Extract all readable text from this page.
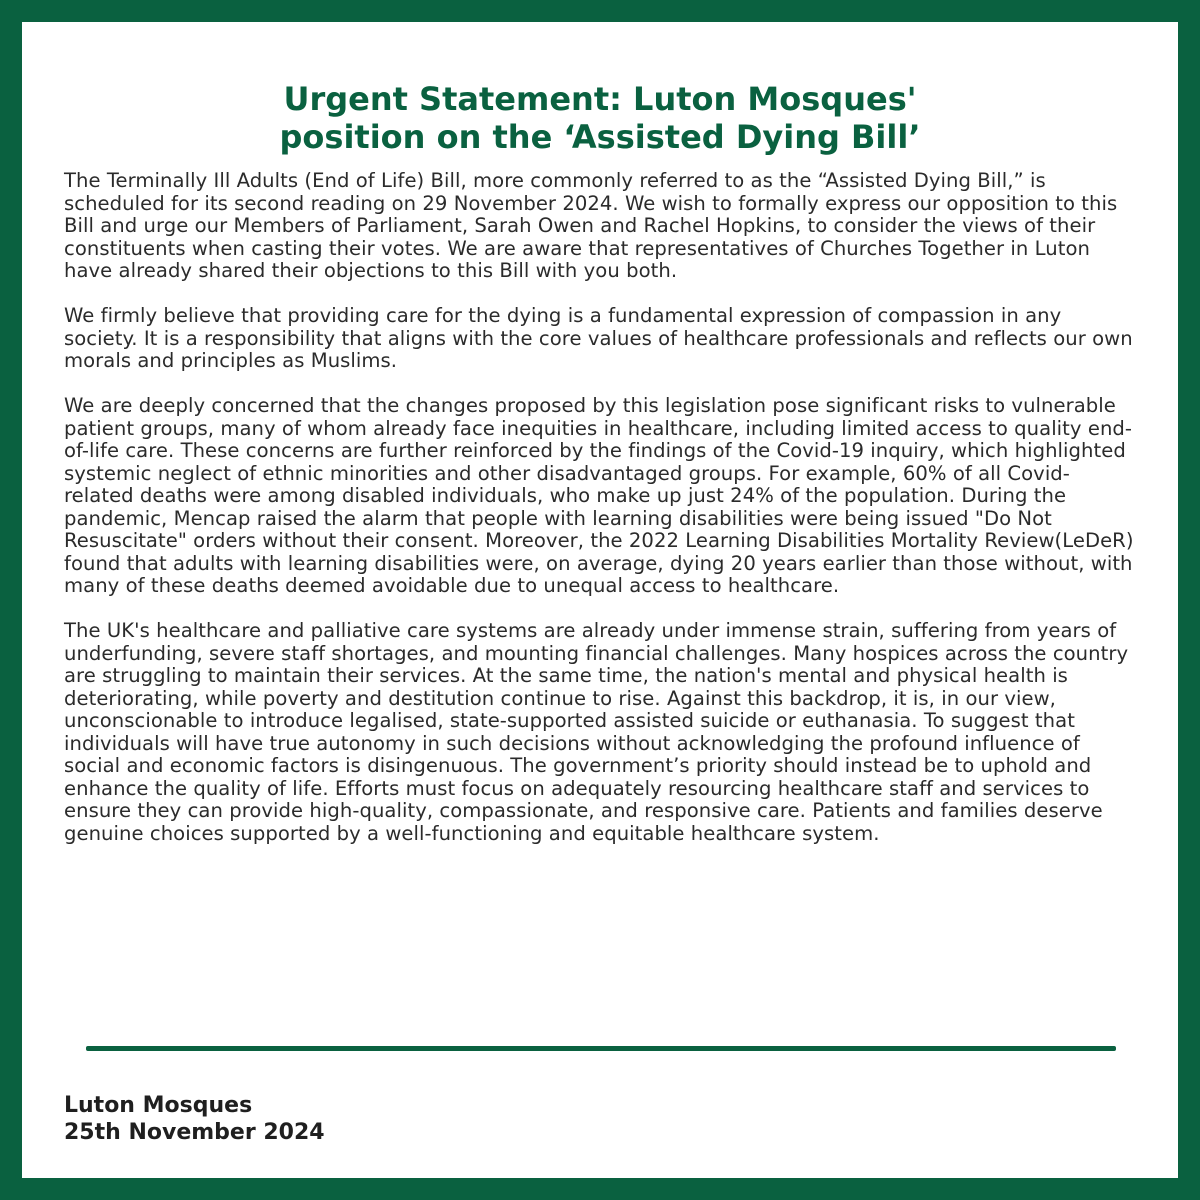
Urgent Statement: Luton Mosques'
position on the ‘Assisted Dying Bill’

The Terminally Ill Adults (End of Life) Bill, more commonly referred to as the “Assisted Dying Bill,” is scheduled for its second reading on 29 November 2024. We wish to formally express our opposition to this Bill and urge our Members of Parliament, Sarah Owen and Rachel Hopkins, to consider the views of their constituents when casting their votes. We are aware that representatives of Churches Together in Luton have already shared their objections to this Bill with you both.

We firmly believe that providing care for the dying is a fundamental expression of compassion in any society. It is a responsibility that aligns with the core values of healthcare professionals and reflects our own morals and principles as Muslims.

We are deeply concerned that the changes proposed by this legislation pose significant risks to vulnerable patient groups, many of whom already face inequities in healthcare, including limited access to quality end-of-life care. These concerns are further reinforced by the findings of the Covid-19 inquiry, which highlighted systemic neglect of ethnic minorities and other disadvantaged groups. For example, 60% of all Covid-related deaths were among disabled individuals, who make up just 24% of the population. During the pandemic, Mencap raised the alarm that people with learning disabilities were being issued "Do Not Resuscitate" orders without their consent. Moreover, the 2022 Learning Disabilities Mortality Review(LeDeR) found that adults with learning disabilities were, on average, dying 20 years earlier than those without, with many of these deaths deemed avoidable due to unequal access to healthcare.

The UK's healthcare and palliative care systems are already under immense strain, suffering from years of underfunding, severe staff shortages, and mounting financial challenges. Many hospices across the country are struggling to maintain their services. At the same time, the nation's mental and physical health is deteriorating, while poverty and destitution continue to rise. Against this backdrop, it is, in our view, unconscionable to introduce legalised, state-supported assisted suicide or euthanasia. To suggest that individuals will have true autonomy in such decisions without acknowledging the profound influence of social and economic factors is disingenuous. The government’s priority should instead be to uphold and enhance the quality of life. Efforts must focus on adequately resourcing healthcare staff and services to ensure they can provide high-quality, compassionate, and responsive care. Patients and families deserve genuine choices supported by a well-functioning and equitable healthcare system.

Luton Mosques
25th November 2024
